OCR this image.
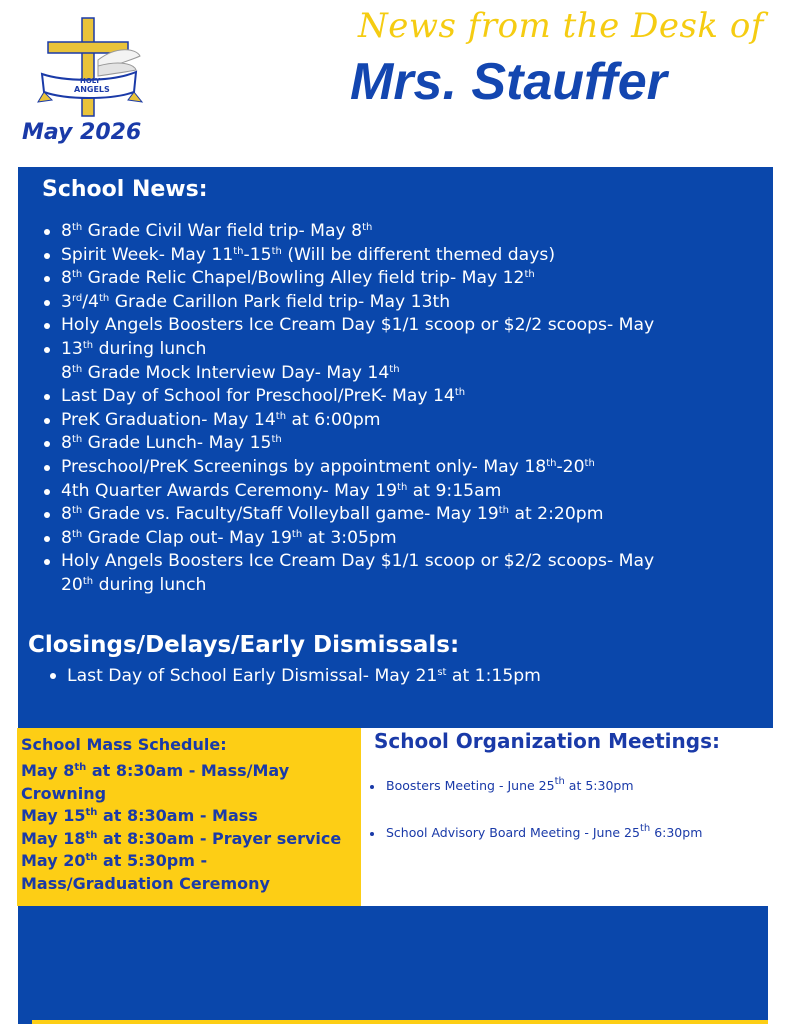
HOLY
ANGELS
May 2026
News from the Desk of
Mrs. Stauffer
School News:
8th Grade Civil War field trip- May 8th
Spirit Week- May 11th-15th (Will be different themed days)
8th Grade Relic Chapel/Bowling Alley field trip- May 12th
3rd/4th Grade Carillon Park field trip- May 13th
Holy Angels Boosters Ice Cream Day $1/1 scoop or $2/2 scoops- May
13th during lunch
8th Grade Mock Interview Day- May 14th
Last Day of School for Preschool/PreK- May 14th
PreK Graduation- May 14th at 6:00pm
8th Grade Lunch- May 15th
Preschool/PreK Screenings by appointment only- May 18th-20th
4th Quarter Awards Ceremony- May 19th at 9:15am
8th Grade vs. Faculty/Staff Volleyball game- May 19th at 2:20pm
8th Grade Clap out- May 19th at 3:05pm
Holy Angels Boosters Ice Cream Day $1/1 scoop or $2/2 scoops- May
20th during lunch
Closings/Delays/Early Dismissals:
Last Day of School Early Dismissal- May 21st at 1:15pm
School Mass Schedule:
May 8th at 8:30am - Mass/May Crowning
May 15th at 8:30am - Mass
May 18th at 8:30am - Prayer service
May 20th at 5:30pm - Mass/Graduation Ceremony
School Organization Meetings:
Boosters Meeting - June 25th at 5:30pm
School Advisory Board Meeting - June 25th 6:30pm
